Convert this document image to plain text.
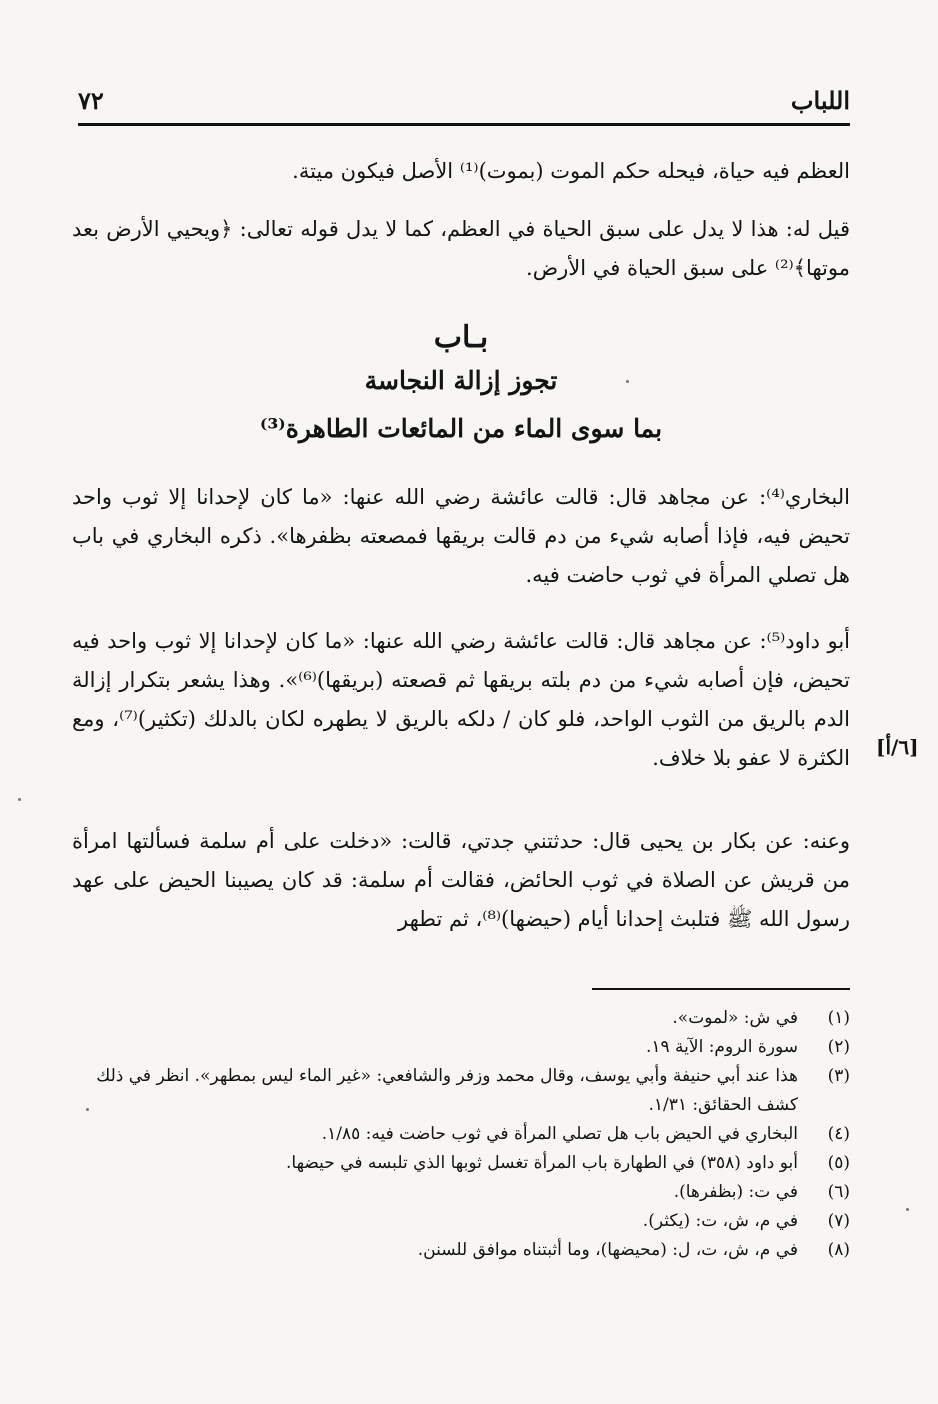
اللباب
٧٢
العظم فيه حياة، فيحله حكم الموت (بموت)⁽¹⁾ الأصل فيكون ميتة.
قيل له: هذا لا يدل على سبق الحياة في العظم، كما لا يدل قوله تعالى: ﴿ويحيي الأرض بعد موتها﴾⁽²⁾ على سبق الحياة في الأرض.
بـاب
تجوز إزالة النجاسة
بما سوى الماء من المائعات الطاهرة⁽³⁾
البخاري⁽⁴⁾: عن مجاهد قال: قالت عائشة رضي الله عنها: «ما كان لإحدانا إلا ثوب واحد تحيض فيه، فإذا أصابه شيء من دم قالت بريقها فمصعته بظفرها». ذكره البخاري في باب هل تصلي المرأة في ثوب حاضت فيه.
أبو داود⁽⁵⁾: عن مجاهد قال: قالت عائشة رضي الله عنها: «ما كان لإحدانا إلا ثوب واحد فيه تحيض، فإن أصابه شيء من دم بلته بريقها ثم قصعته (بريقها)⁽⁶⁾». وهذا يشعر بتكرار إزالة الدم بالريق من الثوب الواحد، فلو كان / دلكه بالريق لا يطهره لكان بالدلك (تكثير)⁽⁷⁾، ومع الكثرة لا عفو بلا خلاف. [٦/أ]
وعنه: عن بكار بن يحيى قال: حدثتني جدتي، قالت: «دخلت على أم سلمة فسألتها امرأة من قريش عن الصلاة في ثوب الحائض، فقالت أم سلمة: قد كان يصيبنا الحيض على عهد رسول الله ﷺ فتلبث إحدانا أيام (حيضها)⁽⁸⁾، ثم تطهر
(١)
في ش: «لموت».
(٢)
سورة الروم: الآية ١٩.
(٣)
هذا عند أبي حنيفة وأبي يوسف، وقال محمد وزفر والشافعي: «غير الماء ليس بمطهر». انظر في ذلك كشف الحقائق: ١/٣١.
(٤)
البخاري في الحيض باب هل تصلي المرأة في ثوب حاضت فيه: ١/٨٥.
(٥)
أبو داود (٣٥٨) في الطهارة باب المرأة تغسل ثوبها الذي تلبسه في حيضها.
(٦)
في ت: (بظفرها).
(٧)
في م، ش، ت: (يكثر).
(٨)
في م، ش، ت، ل: (محيضها)، وما أثبتناه موافق للسنن.
